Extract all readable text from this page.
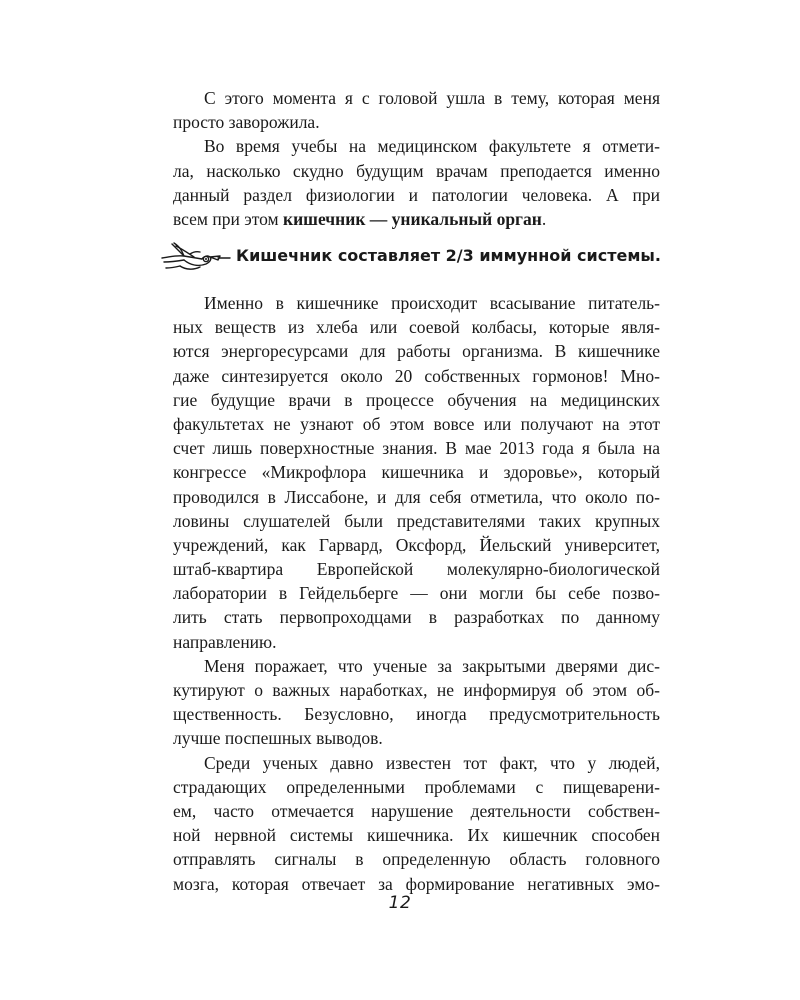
С этого момента я с головой ушла в тему, которая меня
просто заворожила.
Во время учебы на медицинском факультете я отмети-
ла, насколько скудно будущим врачам преподается именно
данный раздел физиологии и патологии человека. А при
всем при этом кишечник — уникальный орган.
Кишечник составляет 2/3 иммунной системы.
Именно в кишечнике происходит всасывание питатель-
ных веществ из хлеба или соевой колбасы, которые явля-
ются энергоресурсами для работы организма. В кишечнике
даже синтезируется около 20 собственных гормонов! Мно-
гие будущие врачи в процессе обучения на медицинских
факультетах не узнают об этом вовсе или получают на этот
счет лишь поверхностные знания. В мае 2013 года я была на
конгрессе «Микрофлора кишечника и здоровье», который
проводился в Лиссабоне, и для себя отметила, что около по-
ловины слушателей были представителями таких крупных
учреждений, как Гарвард, Оксфорд, Йельский университет,
штаб-квартира Европейской молекулярно-биологической
лаборатории в Гейдельберге — они могли бы себе позво-
лить стать первопроходцами в разработках по данному
направлению.
Меня поражает, что ученые за закрытыми дверями дис-
кутируют о важных наработках, не информируя об этом об-
щественность. Безусловно, иногда предусмотрительность
лучше поспешных выводов.
Среди ученых давно известен тот факт, что у людей,
страдающих определенными проблемами с пищеварени-
ем, часто отмечается нарушение деятельности собствен-
ной нервной системы кишечника. Их кишечник способен
отправлять сигналы в определенную область головного
мозга, которая отвечает за формирование негативных эмо-
12
